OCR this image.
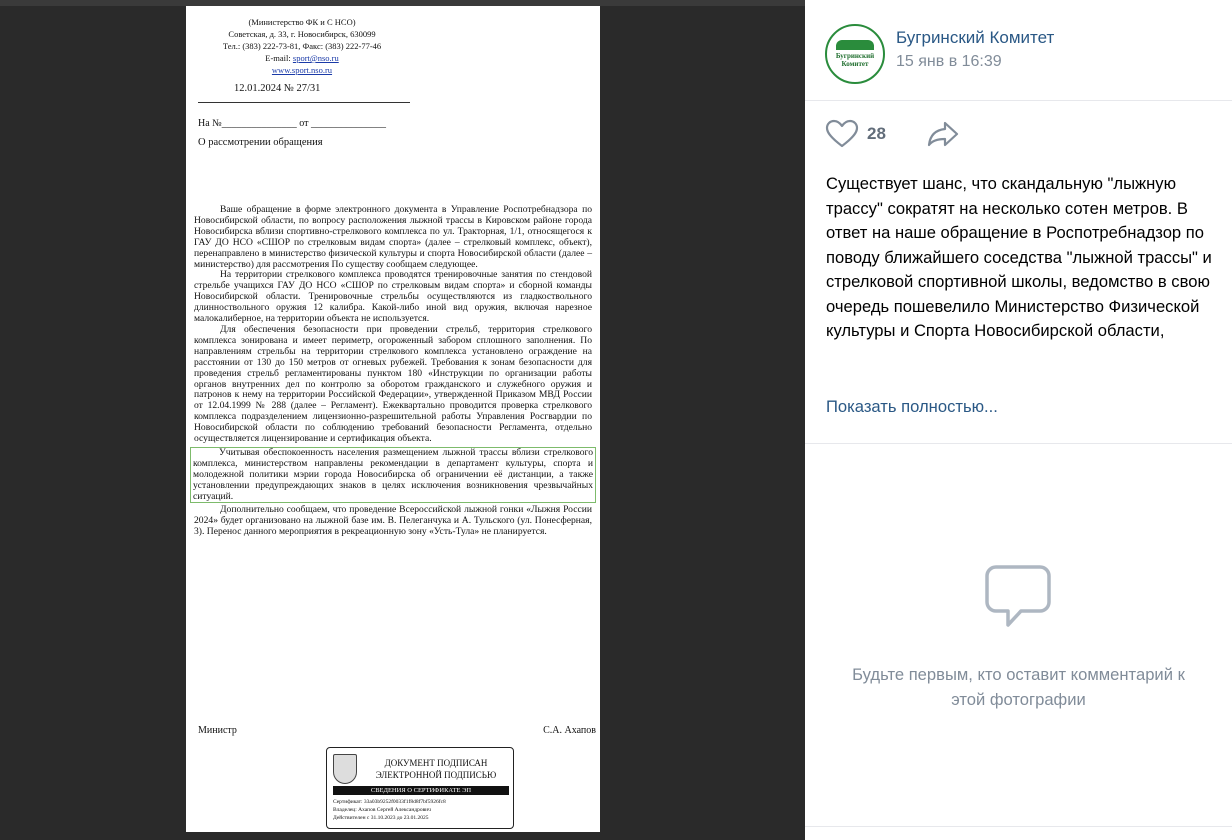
(Министерство ФК и С НСО)
Советская, д. 33, г. Новосибирск, 630099
Тел.: (383) 222-73-81, Факс: (383) 222-77-46
E-mail: sport@nso.ru
www.sport.nso.ru
12.01.2024 № 27/31
На №_______________ от _______________
О рассмотрении обращения

Ваше обращение в форме электронного документа в Управление Роспотребнадзора по Новосибирской области, по вопросу расположения лыжной трассы в Кировском районе города Новосибирска вблизи спортивно-стрелкового комплекса по ул. Тракторная, 1/1, относящегося к ГАУ ДО НСО «СШОР по стрелковым видам спорта» (далее – стрелковый комплекс, объект), перенаправлено в министерство физической культуры и спорта Новосибирской области (далее – министерство) для рассмотрения По существу сообщаем следующее.

На территории стрелкового комплекса проводятся тренировочные занятия по стендовой стрельбе учащихся ГАУ ДО НСО «СШОР по стрелковым видам спорта» и сборной команды Новосибирской области. Тренировочные стрельбы осуществляются из гладкоствольного длинноствольного оружия 12 калибра. Какой-либо иной вид оружия, включая нарезное малокалиберное, на территории объекта не используется.

Для обеспечения безопасности при проведении стрельб, территория стрелкового комплекса зонирована и имеет периметр, огороженный забором сплошного заполнения. По направлениям стрельбы на территории стрелкового комплекса установлено ограждение на расстоянии от 130 до 150 метров от огневых рубежей. Требования к зонам безопасности для проведения стрельб регламентированы пунктом 180 «Инструкции по организации работы органов внутренних дел по контролю за оборотом гражданского и служебного оружия и патронов к нему на территории Российской Федерации», утвержденной Приказом МВД России от 12.04.1999 № 288 (далее – Регламент). Ежеквартально проводится проверка стрелкового комплекса подразделением лицензионно-разрешительной работы Управления Росгвардии по Новосибирской области по соблюдению требований безопасности Регламента, отдельно осуществляется лицензирование и сертификация объекта.

Учитывая обеспокоенность населения размещением лыжной трассы вблизи стрелкового комплекса, министерством направлены рекомендации в департамент культуры, спорта и молодежной политики мэрии города Новосибирска об ограничении её дистанции, а также установлении предупреждающих знаков в целях исключения возникновения чрезвычайных ситуаций.

Дополнительно сообщаем, что проведение Всероссийской лыжной гонки «Лыжня России 2024» будет организовано на лыжной базе им. В. Пелеганчука и А. Тульского (ул. Понесферная, 3). Перенос данного мероприятия в рекреационную зону «Усть-Тула» не планируется.

Министр	С.А. Ахапов
ДОКУМЕНТ ПОДПИСАН
ЭЛЕКТРОННОЙ ПОДПИСЬЮ
СВЕДЕНИЯ О СЕРТИФИКАТЕ ЭП
Сертификат: 33a03b9252f0033f1f8d8f7bf5926fc8
Владелец: Ахапов Сергей Александрович
Действителен с 31.10.2023 до 23.01.2025
Бугринский Комитет
Бугринский Комитет
15 янв в 16:39
28
Существует шанс, что скандальную "лыжную трассу" сократят на несколько сотен метров. В ответ на наше обращение в Роспотребнадзор по поводу ближайшего соседства "лыжной трассы" и стрелковой спортивной школы, ведомство в свою очередь пошевелило Министерство Физической культуры и Спорта Новосибирской области,
Показать полностью...
Будьте первым, кто оставит комментарий к этой фотографии
